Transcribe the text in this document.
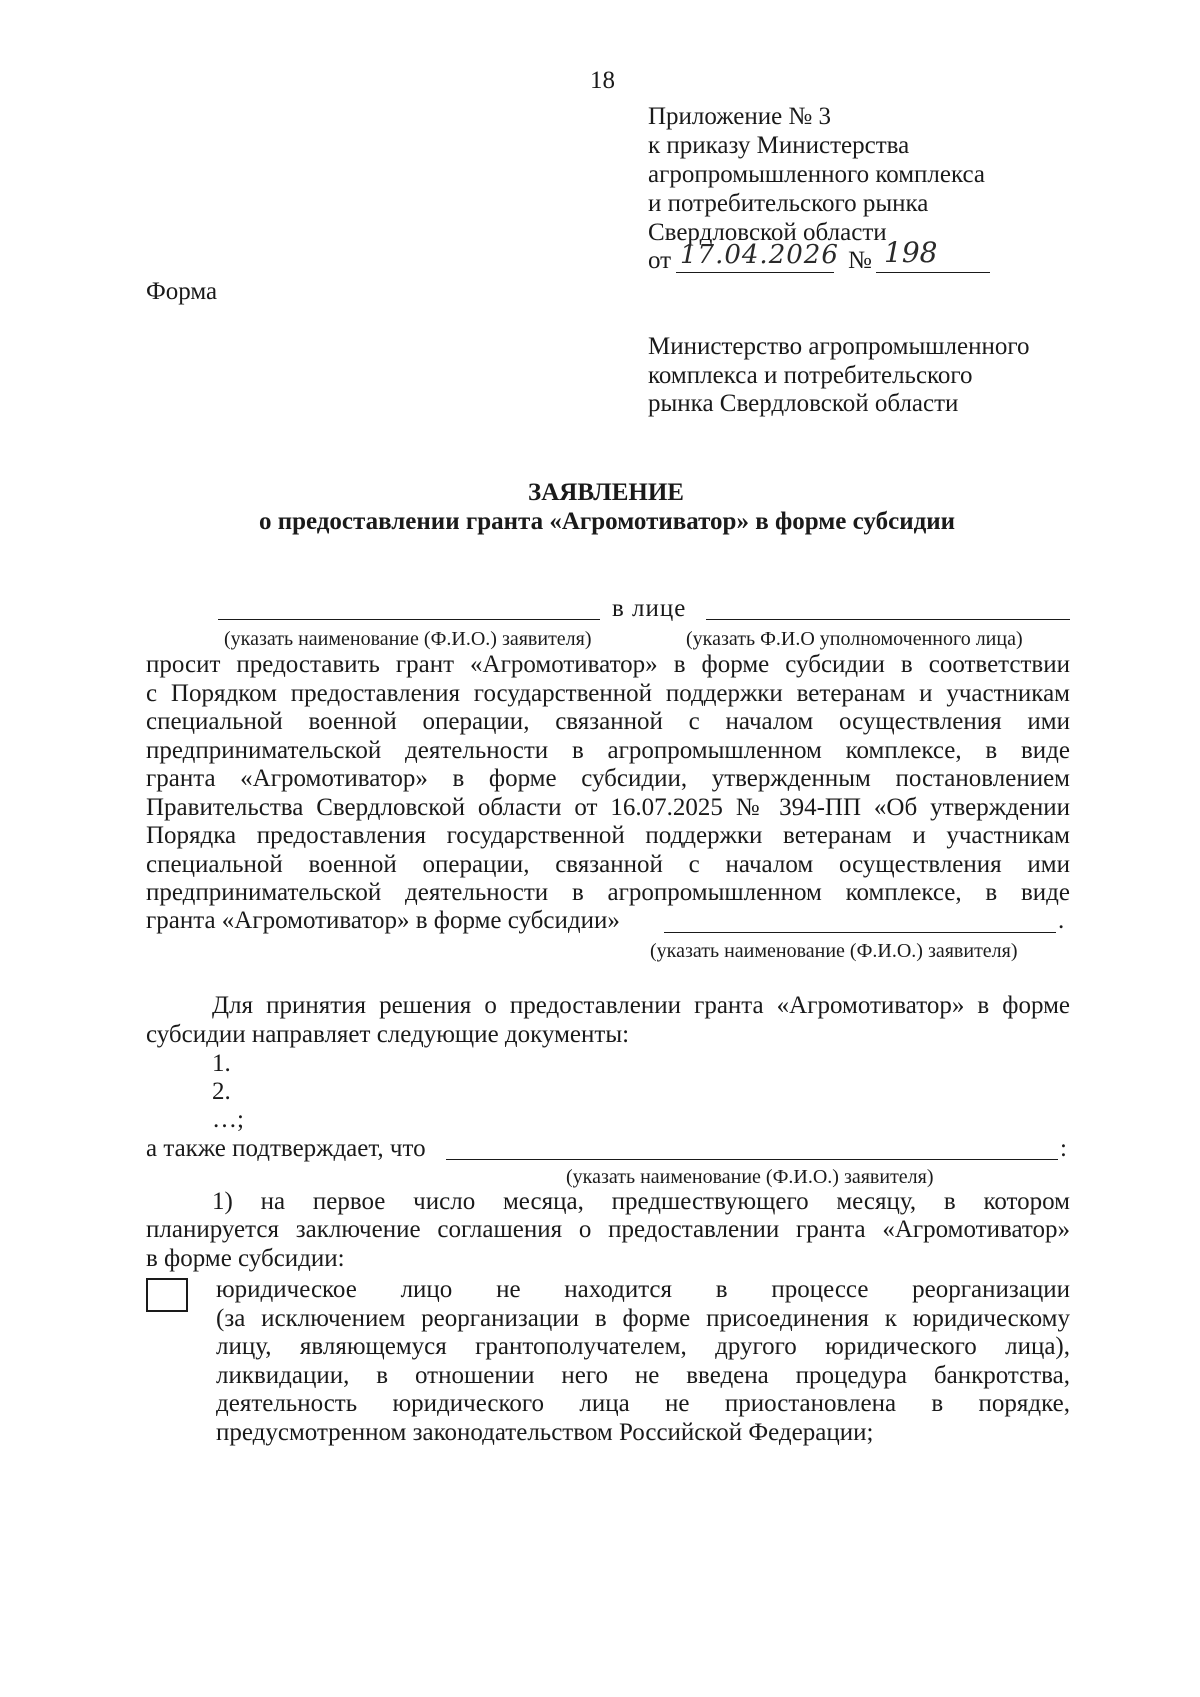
18
Приложение № 3
к приказу Министерства
агропромышленного комплекса
и потребительского рынка
Свердловской области
от 17.04.2026 № 198
Форма
Министерство агропромышленного
комплекса и потребительского
рынка Свердловской области
ЗАЯВЛЕНИЕ
о предоставлении гранта «Агромотиватор» в форме субсидии
в лице
(указать наименование (Ф.И.О.) заявителя)	(указать Ф.И.О уполномоченного лица)
просит предоставить грант «Агромотиватор» в форме субсидии в соответствии
с Порядком предоставления государственной поддержки ветеранам и участникам
специальной военной операции, связанной с началом осуществления ими
предпринимательской деятельности в агропромышленном комплексе, в виде
гранта «Агромотиватор» в форме субсидии, утвержденным постановлением
Правительства Свердловской области от 16.07.2025 № 394-ПП «Об утверждении
Порядка предоставления государственной поддержки ветеранам и участникам
специальной военной операции, связанной с началом осуществления ими
предпринимательской деятельности в агропромышленном комплексе, в виде
гранта «Агромотиватор» в форме субсидии»	.
(указать наименование (Ф.И.О.) заявителя)
Для принятия решения о предоставлении гранта «Агромотиватор» в форме
субсидии направляет следующие документы:
1.
2.
…;
а также подтверждает, что	:
(указать наименование (Ф.И.О.) заявителя)
1) на первое число месяца, предшествующего месяцу, в котором
планируется заключение соглашения о предоставлении гранта «Агромотиватор»
в форме субсидии:
юридическое лицо не находится в процессе реорганизации
(за исключением реорганизации в форме присоединения к юридическому
лицу, являющемуся грантополучателем, другого юридического лица),
ликвидации, в отношении него не введена процедура банкротства,
деятельность юридического лица не приостановлена в порядке,
предусмотренном законодательством Российской Федерации;
